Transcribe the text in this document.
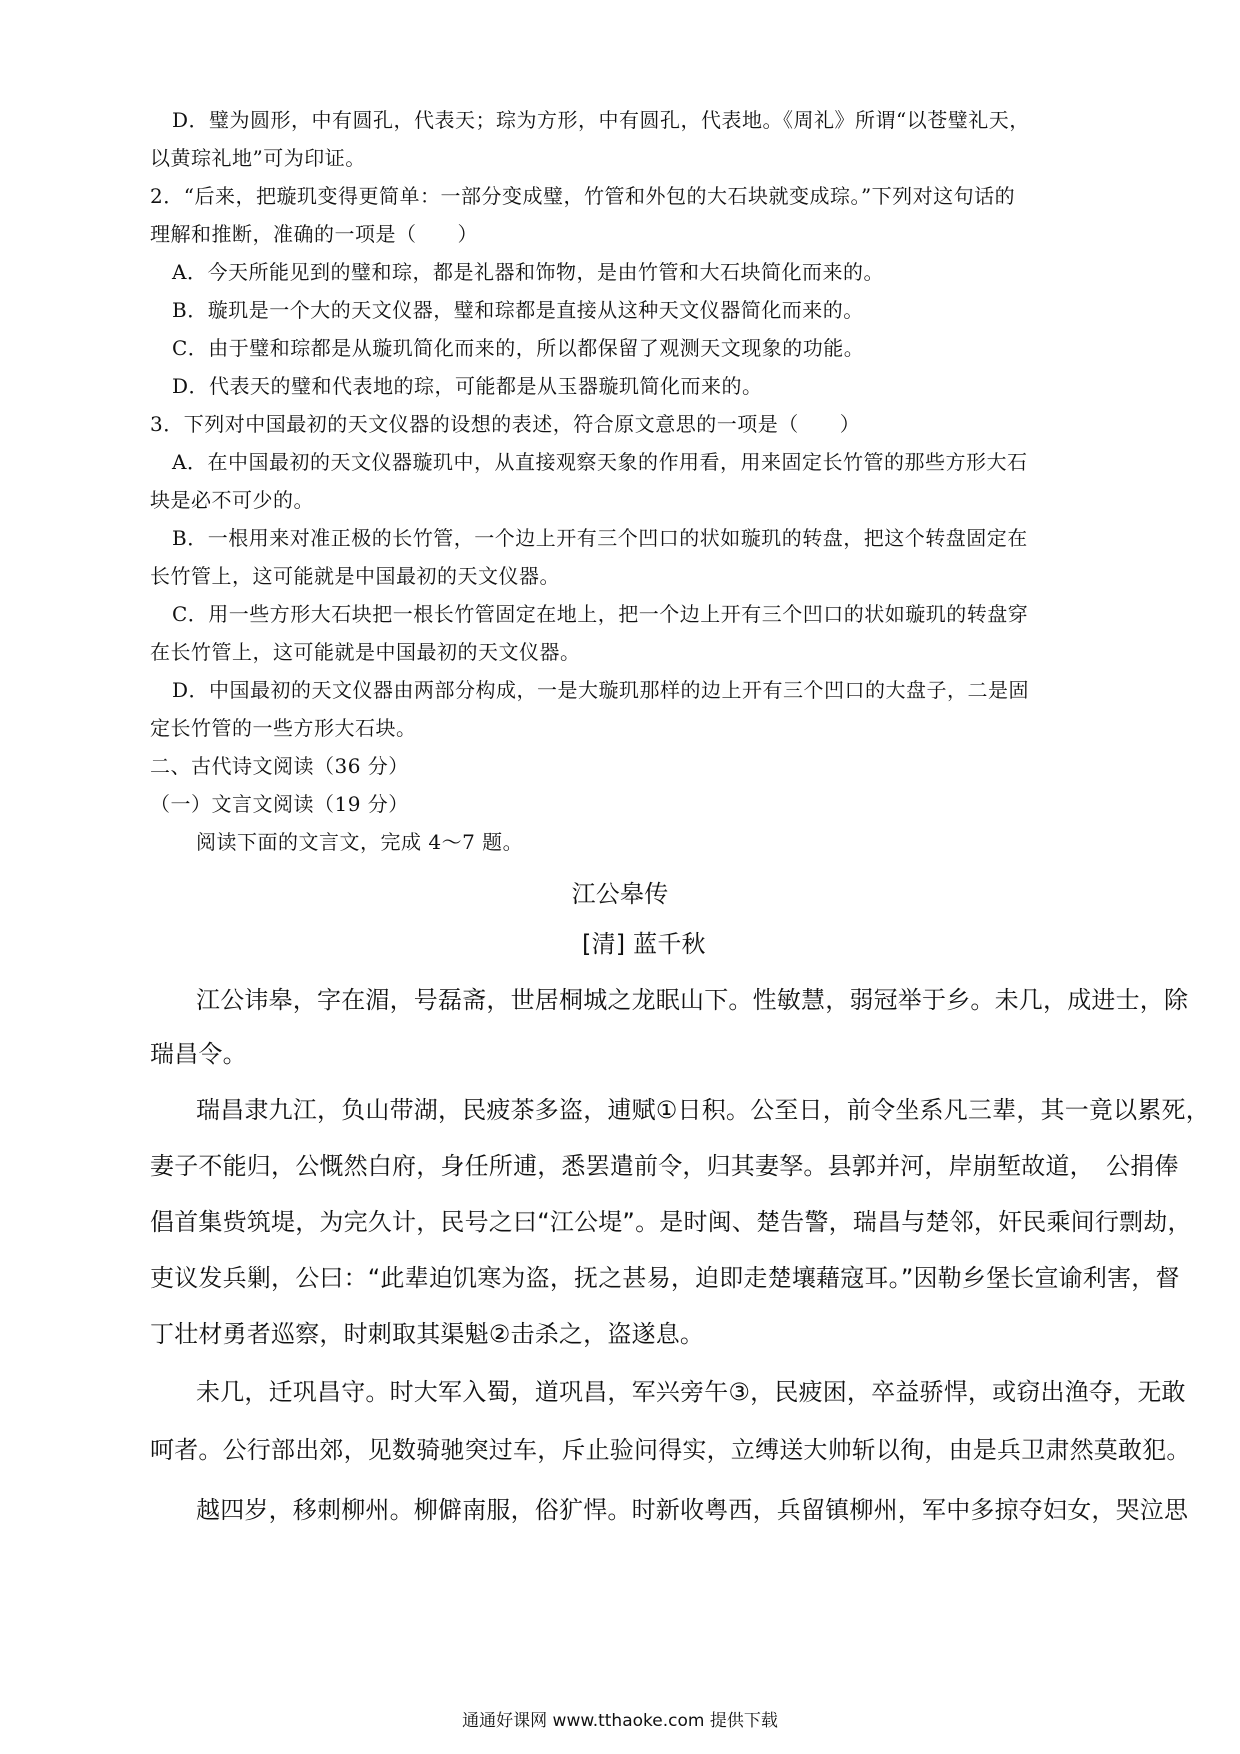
D．璧为圆形，中有圆孔，代表天；琮为方形，中有圆孔，代表地。《周礼》所谓“以苍璧礼天，
以黄琮礼地”可为印证。
2．“后来，把璇玑变得更简单：一部分变成璧，竹管和外包的大石块就变成琮。”下列对这句话的
理解和推断，准确的一项是（　　）
A．今天所能见到的璧和琮，都是礼器和饰物，是由竹管和大石块简化而来的。
B．璇玑是一个大的天文仪器，璧和琮都是直接从这种天文仪器简化而来的。
C．由于璧和琮都是从璇玑简化而来的，所以都保留了观测天文现象的功能。
D．代表天的璧和代表地的琮，可能都是从玉器璇玑简化而来的。
3．下列对中国最初的天文仪器的设想的表述，符合原文意思的一项是（　　）
A．在中国最初的天文仪器璇玑中，从直接观察天象的作用看，用来固定长竹管的那些方形大石
块是必不可少的。
B．一根用来对准正极的长竹管，一个边上开有三个凹口的状如璇玑的转盘，把这个转盘固定在
长竹管上，这可能就是中国最初的天文仪器。
C．用一些方形大石块把一根长竹管固定在地上，把一个边上开有三个凹口的状如璇玑的转盘穿
在长竹管上，这可能就是中国最初的天文仪器。
D．中国最初的天文仪器由两部分构成，一是大璇玑那样的边上开有三个凹口的大盘子，二是固
定长竹管的一些方形大石块。
二、古代诗文阅读（36 分）
（一）文言文阅读（19 分）
阅读下面的文言文，完成 4～7 题。
江公皋传
[清] 蓝千秋
江公讳皋，字在湄，号磊斋，世居桐城之龙眠山下。性敏慧，弱冠举于乡。未几，成进士，除
瑞昌令。
瑞昌隶九江，负山带湖，民疲茶多盗，逋赋①日积。公至日，前令坐系凡三辈，其一竟以累死，
妻子不能归，公慨然白府，身任所逋，悉罢遣前令，归其妻孥。县郭并河，岸崩堑故道，　公捐俸
倡首集赀筑堤，为完久计，民号之曰“江公堤”。是时闽、楚告警，瑞昌与楚邻，奸民乘间行剽劫，
吏议发兵剿，公曰：“此辈迫饥寒为盗，抚之甚易，迫即走楚壤藉寇耳。”因勒乡堡长宣谕利害，督
丁壮材勇者巡察，时刺取其渠魁②击杀之，盗遂息。
未几，迁巩昌守。时大军入蜀，道巩昌，军兴旁午③，民疲困，卒益骄悍，或窃出渔夺，无敢
呵者。公行部出郊，见数骑驰突过车，斥止验问得实，立缚送大帅斩以徇，由是兵卫肃然莫敢犯。
越四岁，移刺柳州。柳僻南服，俗犷悍。时新收粤西，兵留镇柳州，军中多掠夺妇女，哭泣思
通通好课网 www.tthaoke.com 提供下载
